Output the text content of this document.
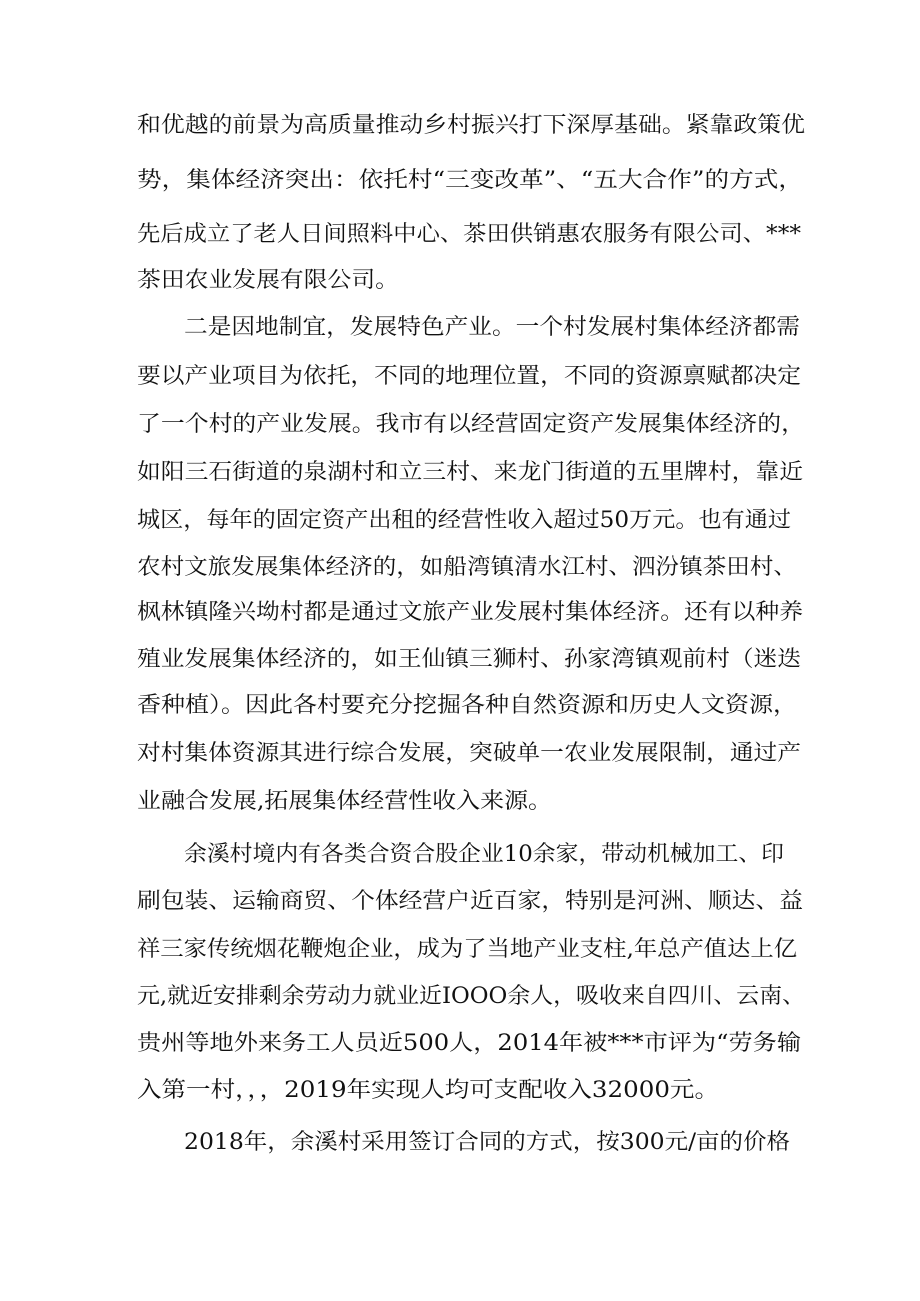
和优越的前景为高质量推动乡村振兴打下深厚基础。紧靠政策优

势，集体经济突出：依托村“三变改革”、“五大合作”的方式，

先后成立了老人日间照料中心、茶田供销惠农服务有限公司、***

茶田农业发展有限公司。

二是因地制宜，发展特色产业。一个村发展村集体经济都需

要以产业项目为依托，不同的地理位置，不同的资源禀赋都决定

了一个村的产业发展。我市有以经营固定资产发展集体经济的，

如阳三石街道的泉湖村和立三村、来龙门街道的五里牌村，靠近

城区，每年的固定资产出租的经营性收入超过50万元。也有通过

农村文旅发展集体经济的，如船湾镇清水江村、泗汾镇茶田村、

枫林镇隆兴坳村都是通过文旅产业发展村集体经济。还有以种养

殖业发展集体经济的，如王仙镇三狮村、孙家湾镇观前村（迷迭

香种植）。因此各村要充分挖掘各种自然资源和历史人文资源，

对村集体资源其进行综合发展，突破单一农业发展限制，通过产

业融合发展,拓展集体经营性收入来源。

余溪村境内有各类合资合股企业10余家，带动机械加工、印

刷包装、运输商贸、个体经营户近百家，特别是河洲、顺达、益

祥三家传统烟花鞭炮企业，成为了当地产业支柱,年总产值达上亿

元,就近安排剩余劳动力就业近IOOO余人，吸收来自四川、云南、

贵州等地外来务工人员近500人，2014年被***市评为“劳务输

入第一村，，，2019年实现人均可支配收入32000元。

2018年，余溪村采用签订合同的方式，按300元/亩的价格
